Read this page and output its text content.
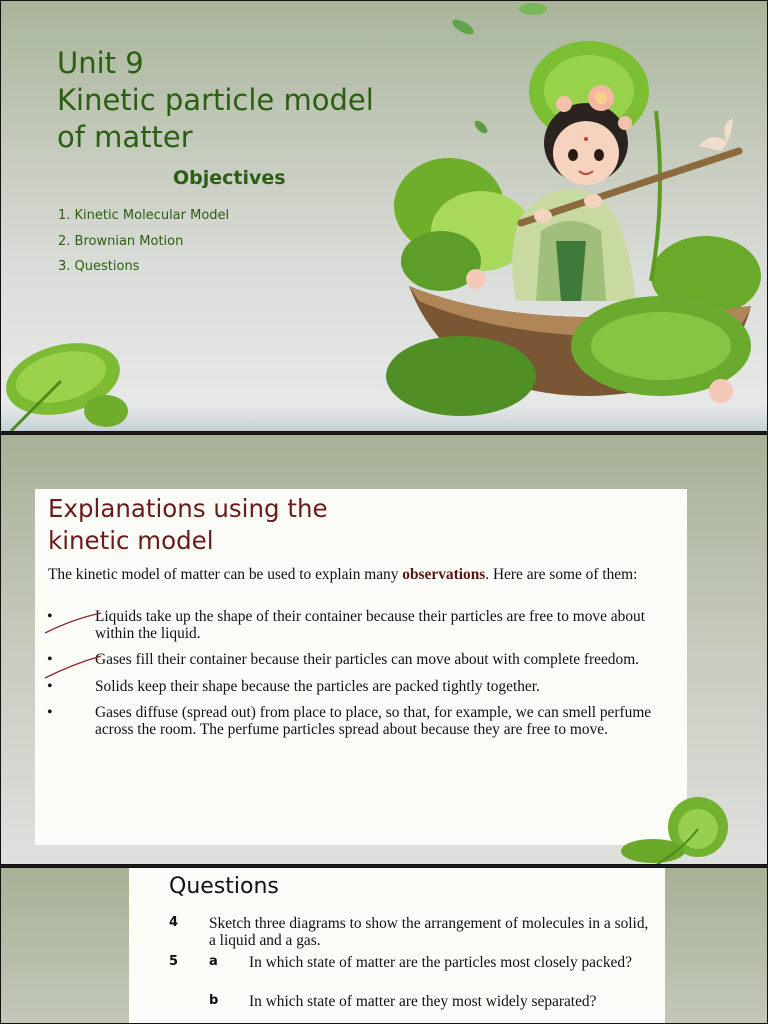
Unit 9
Kinetic particle model
of matter
Objectives
1. Kinetic Molecular Model
2. Brownian Motion
3. Questions
Explanations using the
kinetic model

The kinetic model of matter can be used to explain many observations. Here are some of them:

•	Liquids take up the shape of their container because their particles are free to move about within the liquid.
•	Gases fill their container because their particles can move about with complete freedom.
•	Solids keep their shape because the particles are packed tightly together.
•	Gases diffuse (spread out) from place to place, so that, for example, we can smell perfume across the room. The perfume particles spread about because they are free to move.
Questions
4 Sketch three diagrams to show the arrangement of molecules in a solid, a liquid and a gas.

5 a In which state of matter are the particles most closely packed?

b In which state of matter are they most widely separated?
